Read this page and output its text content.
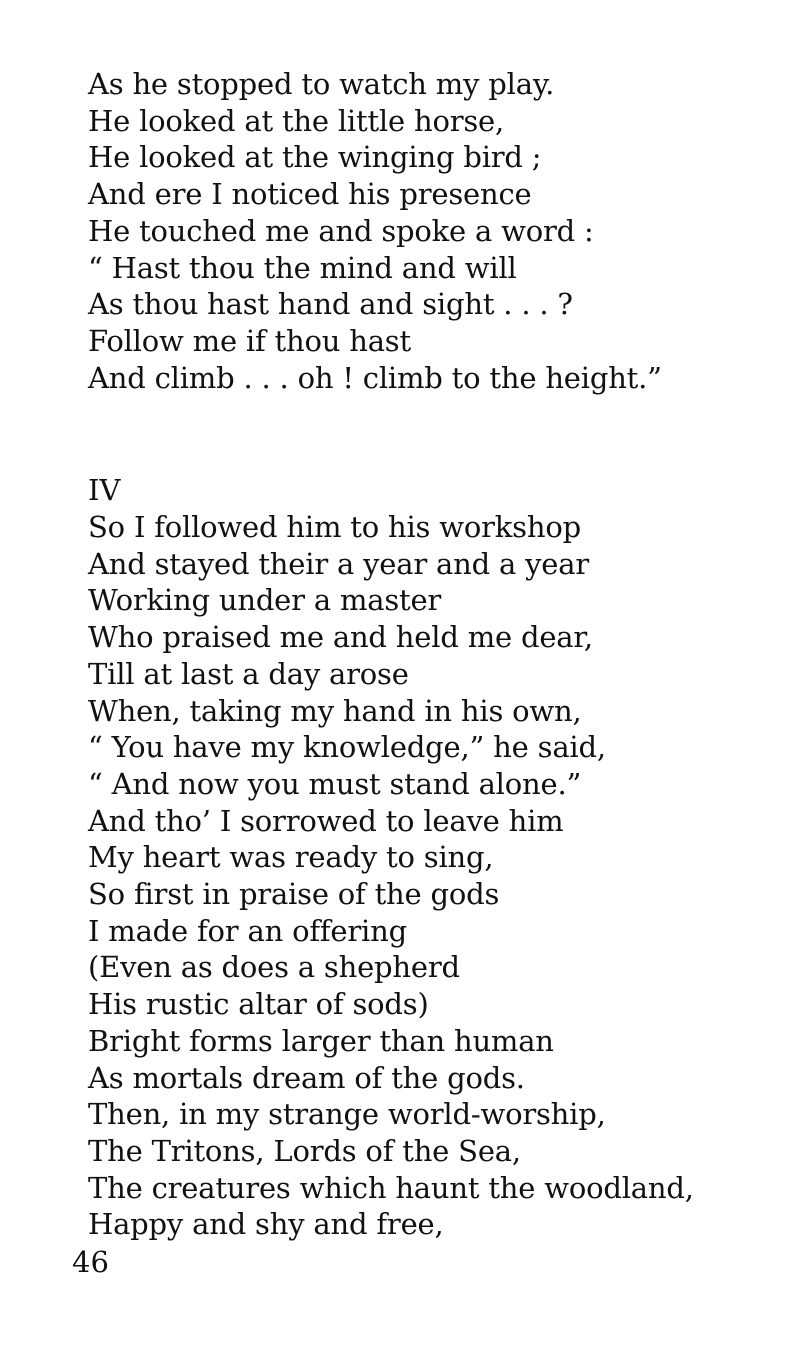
As he stopped to watch my play.
He looked at the little horse,
He looked at the winging bird ;
And ere I noticed his presence
He touched me and spoke a word :
“ Hast thou the mind and will
As thou hast hand and sight . . . ?
Follow me if thou hast
And climb . . . oh ! climb to the height.”
IV
So I followed him to his workshop
And stayed their a year and a year
Working under a master
Who praised me and held me dear,
Till at last a day arose
When, taking my hand in his own,
“ You have my knowledge,” he said,
“ And now you must stand alone.”
And tho’ I sorrowed to leave him
My heart was ready to sing,
So first in praise of the gods
I made for an offering
(Even as does a shepherd
His rustic altar of sods)
Bright forms larger than human
As mortals dream of the gods.
Then, in my strange world-worship,
The Tritons, Lords of the Sea,
The creatures which haunt the woodland,
Happy and shy and free,
46
